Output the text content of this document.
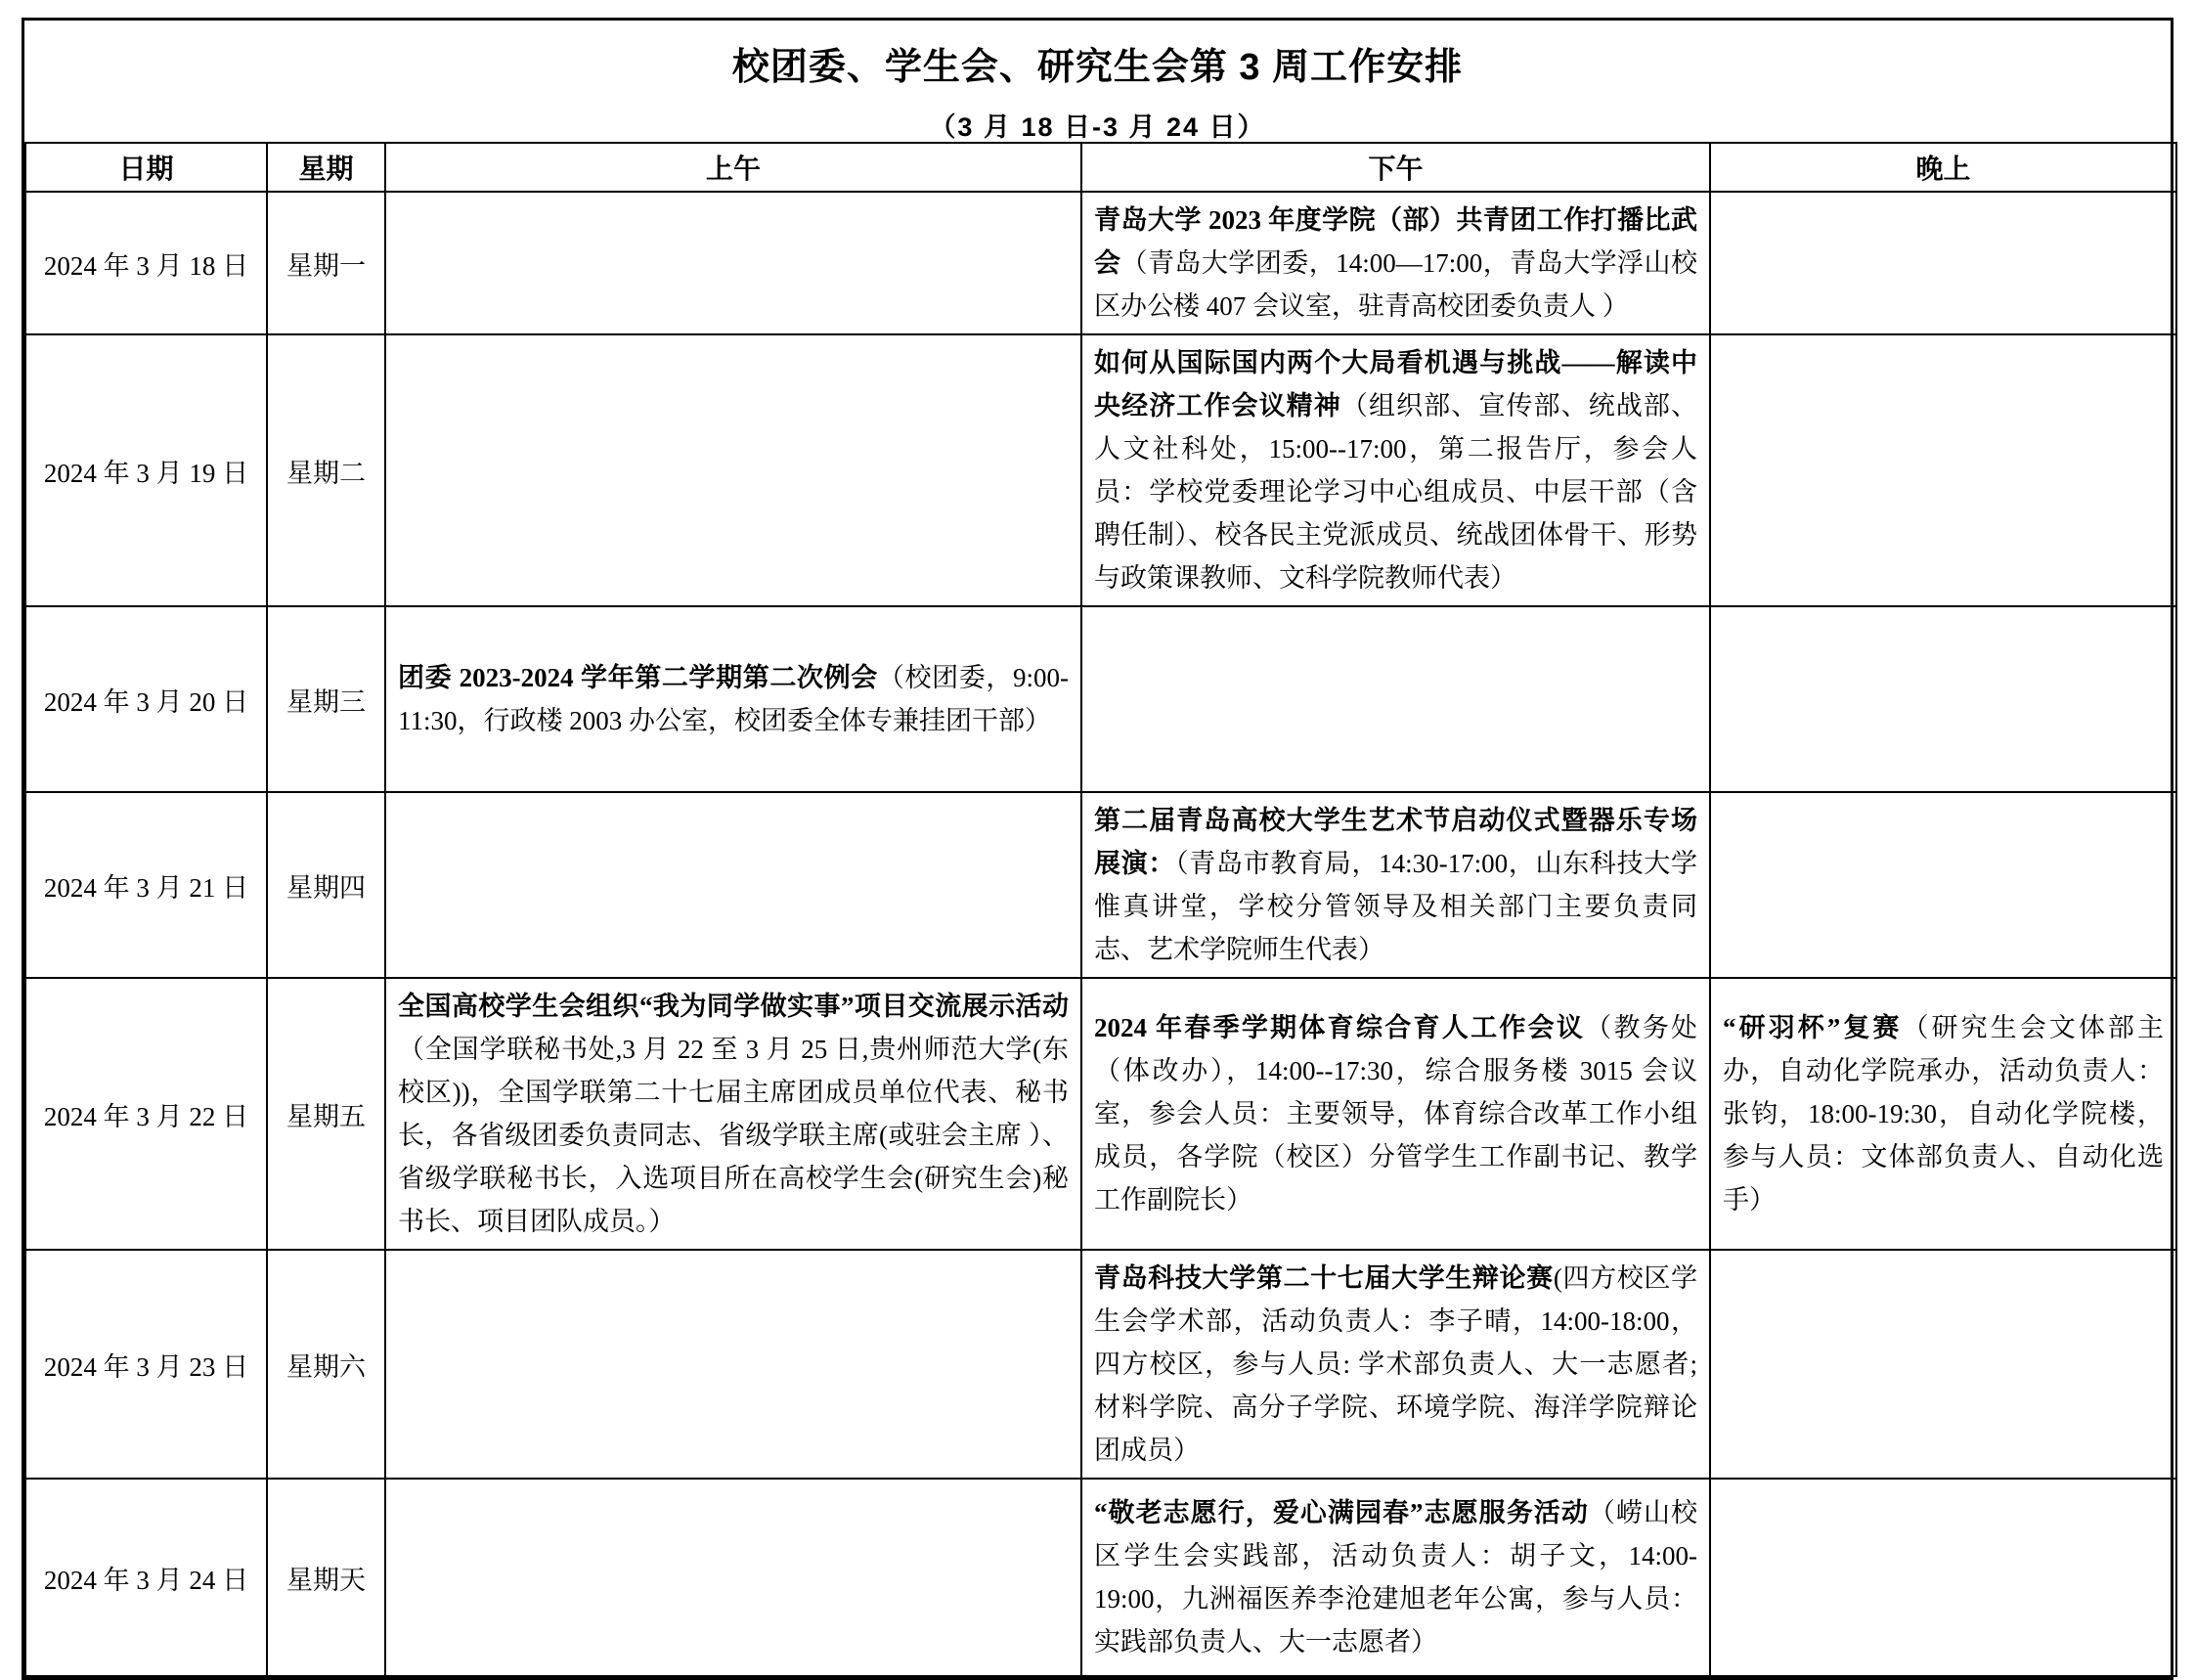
校团委、学生会、研究生会第 3 周工作安排
（3 月 18 日-3 月 24 日）
日期	星期	上午	下午	晚上
2024 年 3 月 18 日	星期一		青岛大学 2023 年度学院（部）共青团工作打播比武会（青岛大学团委，14:00—17:00，青岛大学浮山校区办公楼 407 会议室，驻青高校团委负责人 ）	
2024 年 3 月 19 日	星期二		如何从国际国内两个大局看机遇与挑战——解读中央经济工作会议精神（组织部、宣传部、统战部、人文社科处，15:00--17:00，第二报告厅，参会人员：学校党委理论学习中心组成员、中层干部（含聘任制）、校各民主党派成员、统战团体骨干、形势与政策课教师、文科学院教师代表）	
2024 年 3 月 20 日	星期三	团委 2023-2024 学年第二学期第二次例会（校团委，9:00-11:30，行政楼 2003 办公室，校团委全体专兼挂团干部）		
2024 年 3 月 21 日	星期四		第二届青岛高校大学生艺术节启动仪式暨器乐专场展演：（青岛市教育局，14:30-17:00，山东科技大学惟真讲堂，学校分管领导及相关部门主要负责同志、艺术学院师生代表）	
2024 年 3 月 22 日	星期五	全国高校学生会组织“我为同学做实事”项目交流展示活动（全国学联秘书处,3 月 22 至 3 月 25 日,贵州师范大学(东校区))，全国学联第二十七届主席团成员单位代表、秘书长，各省级团委负责同志、省级学联主席(或驻会主席 ）、省级学联秘书长，入选项目所在高校学生会(研究生会)秘书长、项目团队成员。）	2024 年春季学期体育综合育人工作会议（教务处（体改办），14:00--17:30，综合服务楼 3015 会议室，参会人员：主要领导，体育综合改革工作小组成员，各学院（校区）分管学生工作副书记、教学工作副院长）	“研羽杯”复赛（研究生会文体部主办，自动化学院承办，活动负责人：张钧，18:00-19:30，自动化学院楼，参与人员：文体部负责人、自动化选手）
2024 年 3 月 23 日	星期六		青岛科技大学第二十七届大学生辩论赛(四方校区学生会学术部，活动负责人：李子晴，14:00-18:00，四方校区，参与人员: 学术部负责人、大一志愿者; 材料学院、高分子学院、环境学院、海洋学院辩论团成员）	
2024 年 3 月 24 日	星期天		“敬老志愿行，爱心满园春”志愿服务活动（崂山校区学生会实践部，活动负责人：胡子文，14:00-19:00，九洲福医养李沧建旭老年公寓，参与人员：实践部负责人、大一志愿者）	
